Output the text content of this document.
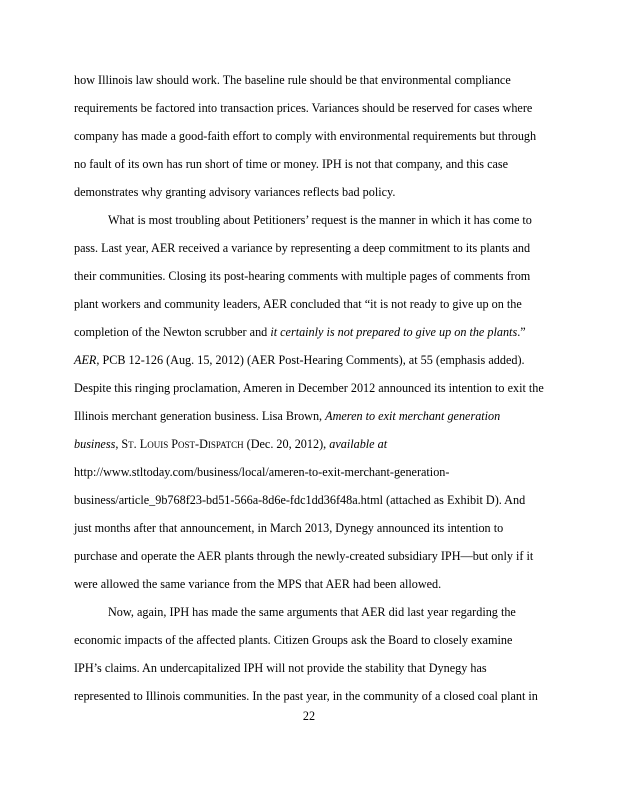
how Illinois law should work. The baseline rule should be that environmental compliance
requirements be factored into transaction prices. Variances should be reserved for cases where
company has made a good-faith effort to comply with environmental requirements but through
no fault of its own has run short of time or money. IPH is not that company, and this case
demonstrates why granting advisory variances reflects bad policy.
What is most troubling about Petitioners’ request is the manner in which it has come to
pass. Last year, AER received a variance by representing a deep commitment to its plants and
their communities. Closing its post-hearing comments with multiple pages of comments from
plant workers and community leaders, AER concluded that “it is not ready to give up on the
completion of the Newton scrubber and it certainly is not prepared to give up on the plants.”
AER, PCB 12-126 (Aug. 15, 2012) (AER Post-Hearing Comments), at 55 (emphasis added).
Despite this ringing proclamation, Ameren in December 2012 announced its intention to exit the
Illinois merchant generation business. Lisa Brown, Ameren to exit merchant generation
business, St. Louis Post-Dispatch (Dec. 20, 2012), available at
http://www.stltoday.com/business/local/ameren-to-exit-merchant-generation-
business/article_9b768f23-bd51-566a-8d6e-fdc1dd36f48a.html (attached as Exhibit D). And
just months after that announcement, in March 2013, Dynegy announced its intention to
purchase and operate the AER plants through the newly-created subsidiary IPH—but only if it
were allowed the same variance from the MPS that AER had been allowed.
Now, again, IPH has made the same arguments that AER did last year regarding the
economic impacts of the affected plants. Citizen Groups ask the Board to closely examine
IPH’s claims. An undercapitalized IPH will not provide the stability that Dynegy has
represented to Illinois communities. In the past year, in the community of a closed coal plant in
22
